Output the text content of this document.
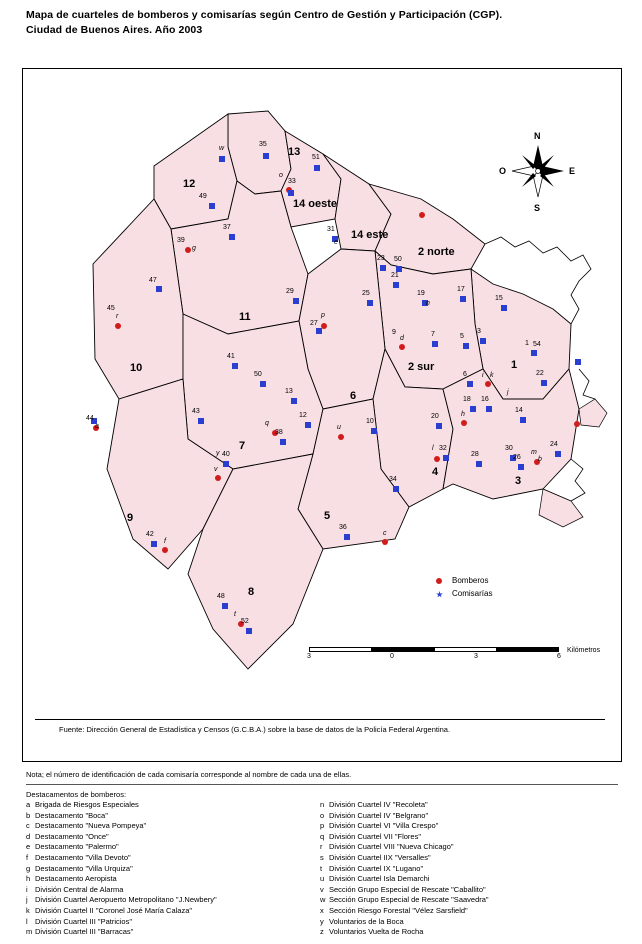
Mapa de cuarteles de bomberos y comisarías según Centro de Gestión y Participación (CGP).
Ciudad de Buenos Aires. Año 2003
13
12
14 oeste
14 este
2 norte
11
10	1
2 sur
6
7
4
3
5
9
8
w
35
51
o
33
49
37	31
39
g
e
23 50
21
47
29	19
17
25
45
r
15
n
p
27
9
d
7	5
3
1 54
41
50	6 i k	22
13
18 16
j
12
10
h
43
q
44
a	u
14
20
38
l 32
28
30
24
y 40	26
m
b
v
34
42
f
36
c
48
t
52
N
S
E
O
Bomberos
Comisarías
3	0	3	6
Kilómetros
Fuente: Dirección General de Estadística y Censos (G.C.B.A.) sobre la base de datos de la Policía Federal Argentina.
Nota; el número de identificación de cada comisaría corresponde al nombre de cada una de ellas.
Destacamentos de bomberos:
a Brigada de Riesgos Especiales
b Destacamento "Boca"
c Destacamento "Nueva Pompeya"
d Destacamento "Once"
e Destacamento "Palermo"
f Destacamento "Villa Devoto"
g Destacamento "Villa Urquiza"
h Destacamento Aeropista
i División Central de Alarma
j División Cuartel Aeropuerto Metropolitano "J.Newbery"
k División Cuartel II "Coronel José María Calaza"
l División Cuartel III "Patricios"
m División Cuartel III "Barracas"
n División Cuartel IV "Recoleta"
o División Cuartel IV "Belgrano"
p División Cuartel VI "Villa Crespo"
q División Cuartel VII "Flores"
r División Cuartel VIII "Nueva Chicago"
s División Cuartel IIX "Versalles"
t División Cuartel IX "Lugano"
u División Cuartel Isla Demarchi
v Sección Grupo Especial de Rescate "Caballito"
w Sección Grupo Especial de Rescate "Saavedra"
x Sección Riesgo Forestal "Vélez Sarsfield"
y Voluntarios de la Boca
z Voluntarios Vuelta de Rocha
